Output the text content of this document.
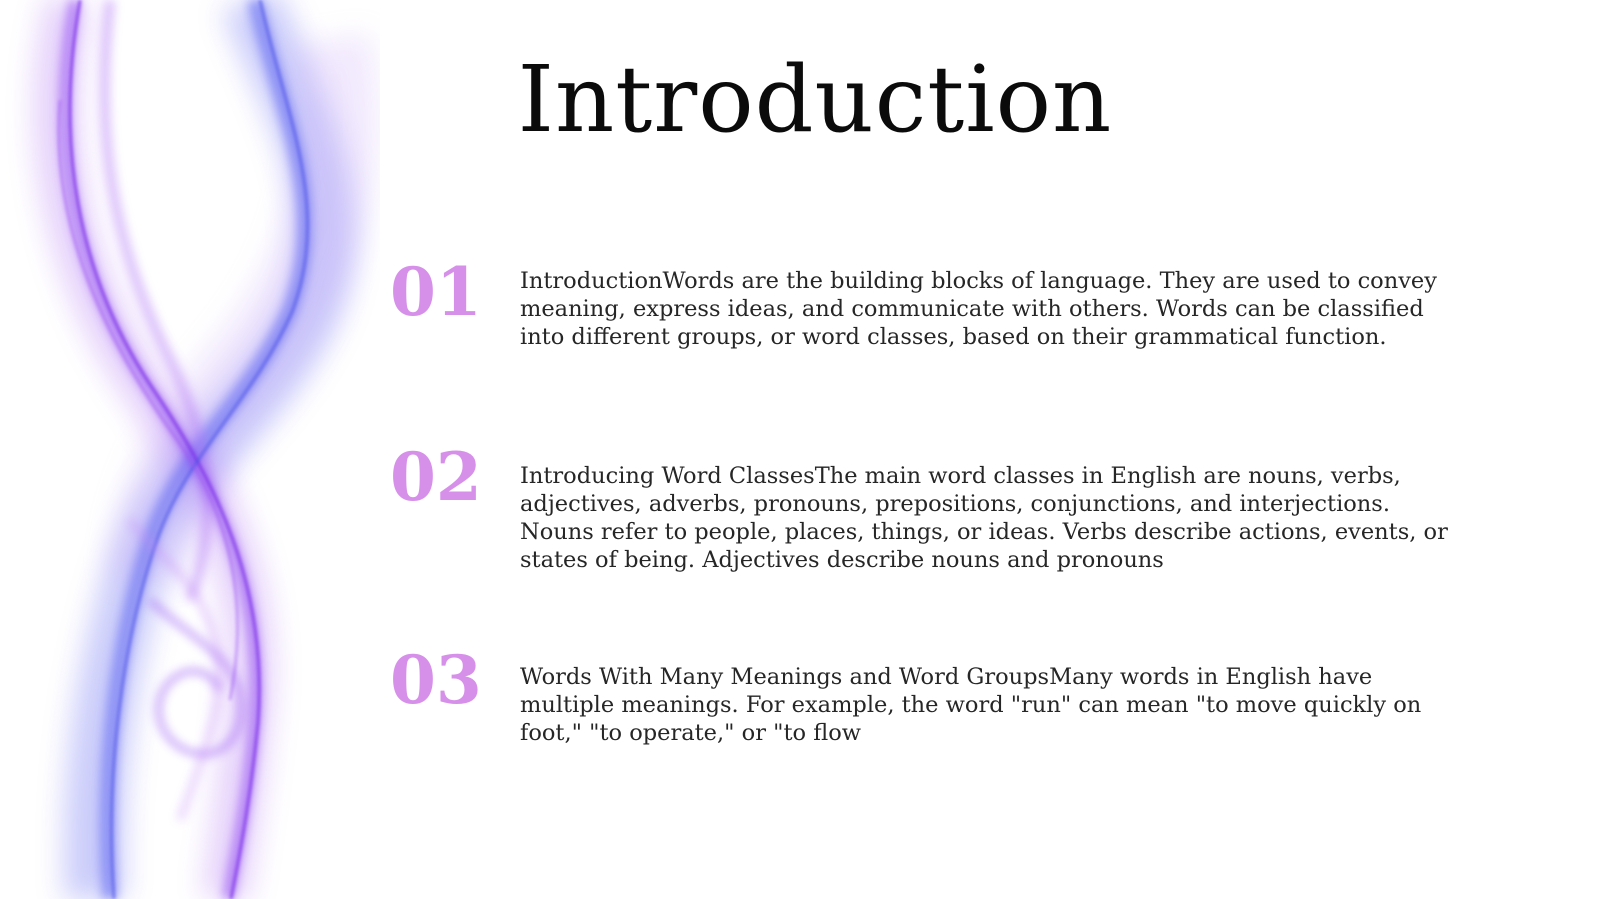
Introduction
01 IntroductionWords are the building blocks of language. They are used to convey meaning, express ideas, and communicate with others. Words can be classified into different groups, or word classes, based on their grammatical function.
02 Introducing Word ClassesThe main word classes in English are nouns, verbs, adjectives, adverbs, pronouns, prepositions, conjunctions, and interjections. Nouns refer to people, places, things, or ideas. Verbs describe actions, events, or states of being. Adjectives describe nouns and pronouns
03 Words With Many Meanings and Word GroupsMany words in English have multiple meanings. For example, the word "run" can mean "to move quickly on foot," "to operate," or "to flow
